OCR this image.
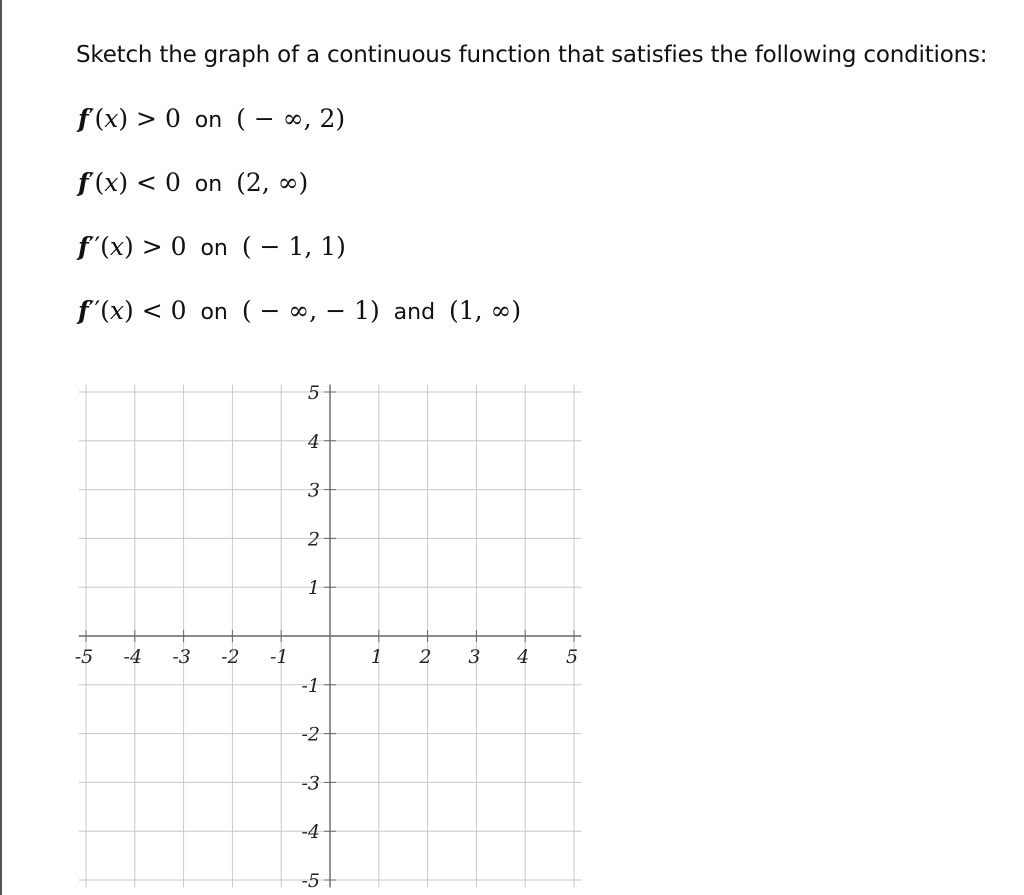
Sketch the graph of a continuous function that satisfies the following conditions:
f′(x) > 0 on ( − ∞, 2)
f′(x) < 0 on (2, ∞)
f′′(x) > 0 on ( − 1, 1)
f′′(x) < 0 on ( − ∞, − 1) and (1, ∞)
-5 -4 -3 -2 -1	1 2 3 4 5
5
4
3
2
1
-1
-2
-3
-4
-5
